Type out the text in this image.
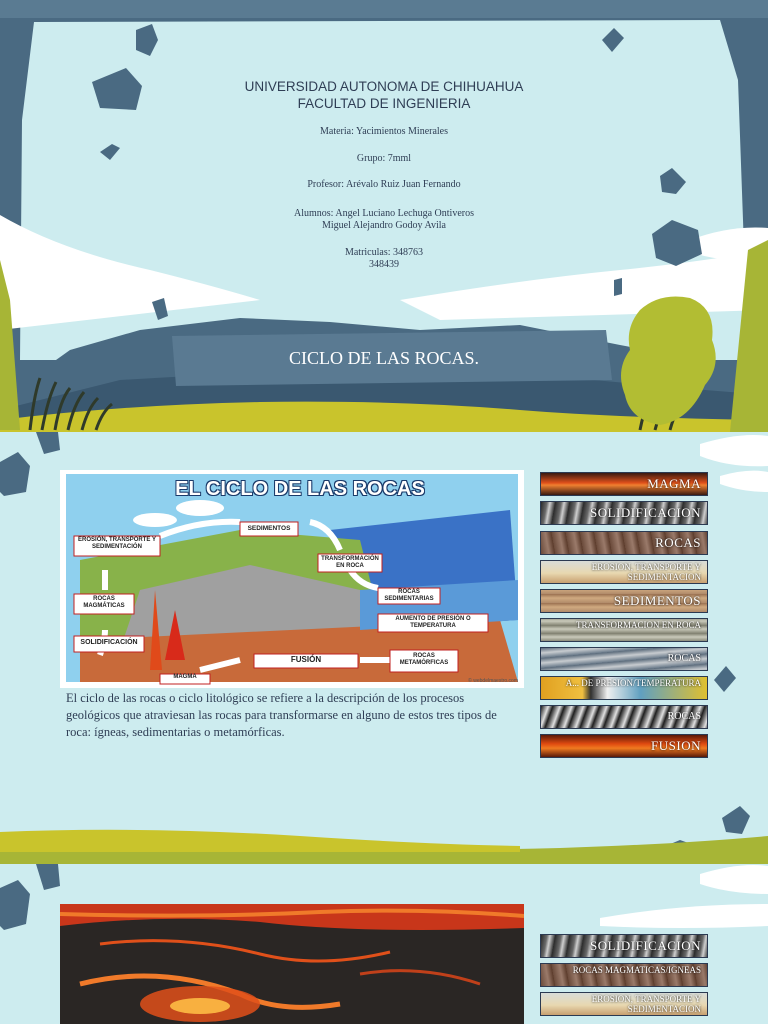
UNIVERSIDAD AUTONOMA DE CHIHUAHUA
FACULTAD DE INGENIERIA
Materia: Yacimientos Minerales
Grupo: 7mml
Profesor: Arévalo Ruiz Juan Fernando
Alumnos: Angel Luciano Lechuga Ontiveros
Miguel Alejandro Godoy Avila
Matriculas: 348763
348439
CICLO DE LAS ROCAS.
EL CICLO DE LAS ROCAS
EROSIÓN, TRANSPORTE Y SEDIMENTACIÓN
SEDIMENTOS
TRANSFORMACIÓN EN ROCA
ROCAS SEDIMENTARIAS
AUMENTO DE PRESIÓN O TEMPERATURA
ROCAS MAGMÁTICAS
SOLIDIFICACIÓN
ROCAS METAMÓRFICAS
FUSIÓN
MAGMA
© webdelmaestro.com
El ciclo de las rocas o ciclo litológico se refiere a la descripción de los procesos geológicos que atraviesan las rocas para transformarse en alguno de estos tres tipos de roca: ígneas, sedimentarias o metamórficas.
MAGMA
SOLIDIFICACION
ROCAS
EROSION, TRANSPORTE Y SEDIMENTACION
SEDIMENTOS
TRANSFORMACION EN ROCA
ROCAS
A... DE PRESION/TEMPERATURA
ROCAS
FUSION
SOLIDIFICACION
ROCAS MAGMATICAS/IGNEAS
EROSION, TRANSPORTE Y SEDIMENTACION
